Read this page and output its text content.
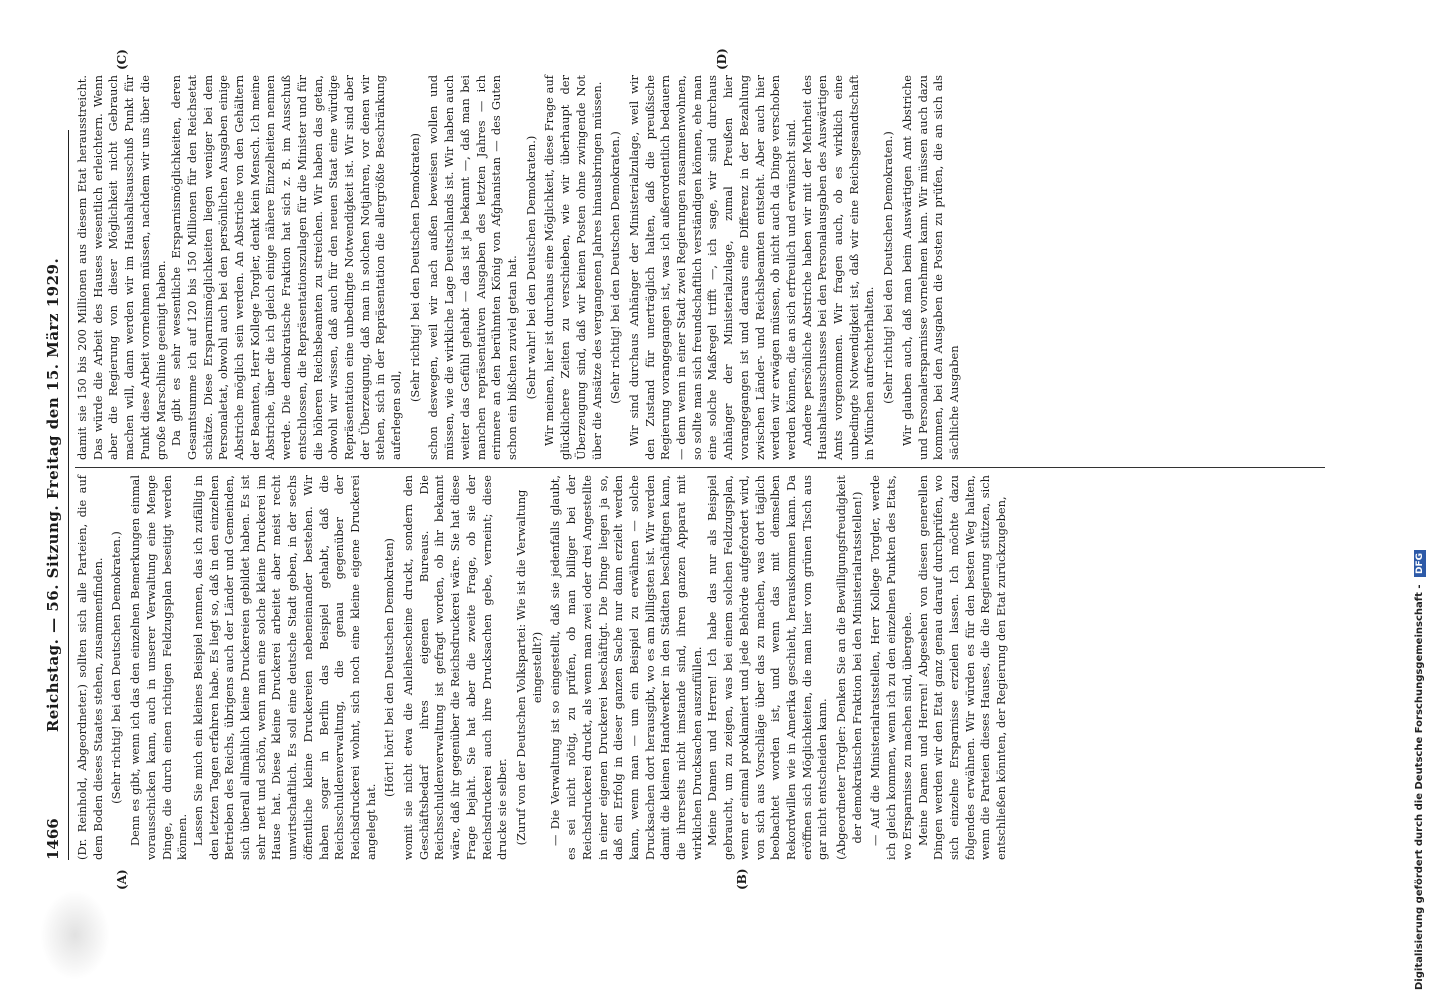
1466
Reichstag. — 56. Sitzung. Freitag den 15. März 1929.
(A)	(B)
(C)	(D)

(Dr. Reinhold, Abgeordneter.) sollten sich alle Parteien, die auf dem Boden dieses Staates stehen, zusammenfinden. (Sehr richtig! bei den Deutschen Demokraten.) Denn es gibt, wenn ich das den einzelnen Bemerkungen einmal vorausschicken kann, auch in unserer Verwaltung eine Menge Dinge, die durch einen richtigen Feldzugsplan beseitigt werden können. Lassen Sie mich ein kleines Beispiel nennen, das ich zufällig in den letzten Tagen erfahren habe. Es liegt so, daß in den einzelnen Betrieben des Reichs, übrigens auch der Länder und Gemeinden, sich überall allmählich kleine Druckereien gebildet haben. Es ist sehr nett und schön, wenn man eine solche kleine Druckerei im Hause hat. Diese kleine Druckerei arbeitet aber meist recht unwirtschaftlich. Es soll eine deutsche Stadt geben, in der sechs öffentliche kleine Druckereien nebeneinander bestehen. Wir haben sogar in Berlin das Beispiel gehabt, daß die Reichsschuldenverwaltung, die genau gegenüber der Reichsdruckerei wohnt, sich noch eine kleine eigene Druckerei angelegt hat.

(Hört! hört! bei den Deutschen Demokraten) womit sie nicht etwa die Anleihescheine druckt, sondern den Geschäftsbedarf ihres eigenen Bureaus. Die Reichsschuldenverwaltung ist gefragt worden, ob ihr bekannt wäre, daß ihr gegenüber die Reichsdruckerei wäre. Sie hat diese Frage bejaht. Sie hat aber die zweite Frage, ob sie der Reichsdruckerei auch ihre Drucksachen gebe, verneint; diese drucke sie selber. (Zuruf von der Deutschen Volkspartei: Wie ist die Verwaltung eingestellt?) — Die Verwaltung ist so eingestellt, daß sie jedenfalls glaubt, es sei nicht nötig, zu prüfen, ob man billiger bei der Reichsdruckerei druckt, als wenn man zwei oder drei Angestellte in einer eigenen Druckerei beschäftigt. Die Dinge liegen ja so, daß ein Erfolg in dieser ganzen Sache nur dann erzielt werden kann, wenn man — um ein Beispiel zu erwähnen — solche Drucksachen dort herausgibt, wo es am billigsten ist. Wir werden damit die kleinen Handwerker in den Städten beschäftigen kann, die ihrerseits nicht imstande sind, ihren ganzen Apparat mit wirklichen Drucksachen auszufüllen. Meine Damen und Herren! Ich habe das nur als Beispiel gebraucht, um zu zeigen, was bei einem solchen Feldzugsplan, wenn er einmal proklamiert und jede Behörde aufgefordert wird, von sich aus Vorschläge über das zu machen, was dort täglich beobachtet worden ist, und wenn das mit demselben Rekordwillen wie in Amerika geschieht, herauskommen kann. Da eröffnen sich Möglichkeiten, die man hier vom grünen Tisch aus gar nicht entscheiden kann. (Abgeordneter Torgler: Denken Sie an die Bewilligungsfreudigkeit der demokratischen Fraktion bei den Ministerialratsstellen!) — Auf die Ministerialratsstellen, Herr Kollege Torgler, werde ich gleich kommen, wenn ich zu den einzelnen Punkten des Etats, wo Ersparnisse zu machen sind, übergehe. Meine Damen und Herren! Abgesehen von diesen generellen Dingen werden wir den Etat ganz genau darauf durchprüfen, wo sich einzelne Ersparnisse erzielen lassen. Ich möchte dazu folgendes erwähnen. Wir würden es für den besten Weg halten, wenn die Parteien dieses Hauses, die die Regierung stützen, sich entschließen könnten, der Regierung den Etat zurückzugeben,

damit sie 150 bis 200 Millionen aus diesem Etat herausstreicht. Das würde die Arbeit des Hauses wesentlich erleichtern. Wenn aber die Regierung von dieser Möglichkeit nicht Gebrauch machen will, dann werden wir im Haushaltsausschuß Punkt für Punkt diese Arbeit vornehmen müssen, nachdem wir uns über die große Marschlinie geeinigt haben. Da gibt es sehr wesentliche Ersparnismöglichkeiten, deren Gesamtsumme ich auf 120 bis 150 Millionen für den Reichsetat schätze. Diese Ersparnismöglichkeiten liegen weniger bei dem Personaletat, obwohl auch bei den persönlichen Ausgaben einige Abstriche möglich sein werden. An Abstriche von den Gehältern der Beamten, Herr Kollege Torgler, denkt kein Mensch. Ich meine Abstriche, über die ich gleich einige nähere Einzelheiten nennen werde. Die demokratische Fraktion hat sich z. B. im Ausschuß entschlossen, die Repräsentationszulagen für die Minister und für die höheren Reichsbeamten zu streichen. Wir haben das getan, obwohl wir wissen, daß auch für den neuen Staat eine würdige Repräsentation eine unbedingte Notwendigkeit ist. Wir sind aber der Überzeugung, daß man in solchen Notjahren, vor denen wir stehen, sich in der Repräsentation die allergrößte Beschränkung auferlegen soll,

(Sehr richtig! bei den Deutschen Demokraten) schon deswegen, weil wir nach außen beweisen wollen und müssen, wie die wirkliche Lage Deutschlands ist. Wir haben auch weiter das Gefühl gehabt — das ist ja bekannt —, daß man bei manchen repräsentativen Ausgaben des letzten Jahres — ich erinnere an den berühmten König von Afghanistan — des Guten schon ein bißchen zuviel getan hat. (Sehr wahr! bei den Deutschen Demokraten.) Wir meinen, hier ist durchaus eine Möglichkeit, diese Frage auf glücklichere Zeiten zu verschieben, wie wir überhaupt der Überzeugung sind, daß wir keinen Posten ohne zwingende Not über die Ansätze des vergangenen Jahres hinausbringen müssen. (Sehr richtig! bei den Deutschen Demokraten.) Wir sind durchaus Anhänger der Ministerialzulage, weil wir den Zustand für unerträglich halten, daß die preußische Regierung vorangegangen ist, was ich außerordentlich bedauern — denn wenn in einer Stadt zwei Regierungen zusammenwohnen, so sollte man sich freundschaftlich verständigen können, ehe man eine solche Maßregel trifft —, ich sage, wir sind durchaus Anhänger der Ministerialzulage, zumal Preußen hier vorangegangen ist und daraus eine Differenz in der Bezahlung zwischen Länder- und Reichsbeamten entsteht. Aber auch hier werden wir erwägen müssen, ob nicht auch da Dinge verschoben werden können, die an sich erfreulich und erwünscht sind. Andere persönliche Abstriche haben wir mit der Mehrheit des Haushaltsausschusses bei den Personalausgaben des Auswärtigen Amts vorgenommen. Wir fragen auch, ob es wirklich eine unbedingte Notwendigkeit ist, daß wir eine Reichsgesandtschaft in München aufrechterhalten. (Sehr richtig! bei den Deutschen Demokraten.) Wir glauben auch, daß man beim Auswärtigen Amt Abstriche und Personalersparnisse vornehmen kann. Wir müssen auch dazu kommen, bei den Ausgaben die Posten zu prüfen, die an sich als sächliche Ausgaben

Digitalisierung gefördert durch die Deutsche Forschungsgemeinschaft - DFG
